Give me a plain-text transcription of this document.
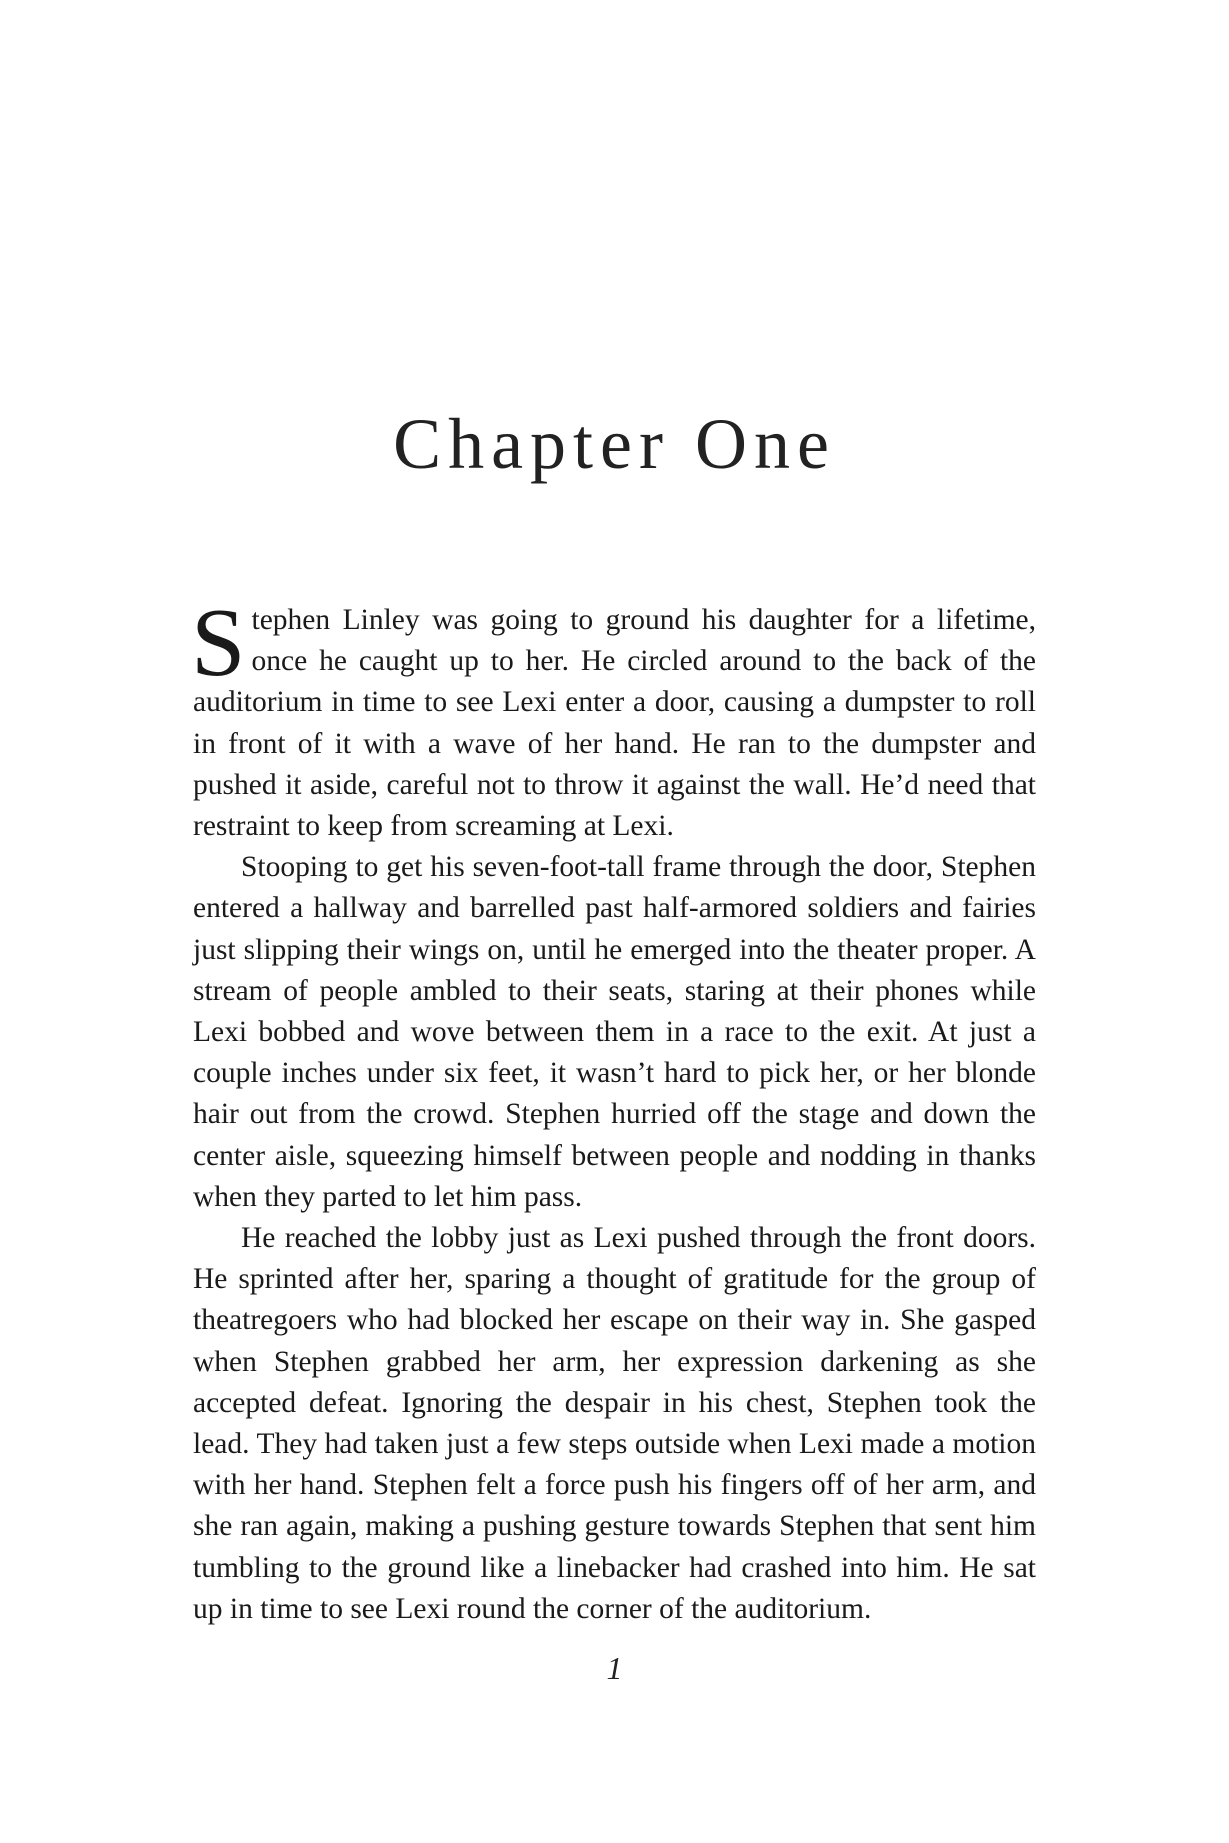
Chapter One

Stephen Linley was going to ground his daughter for a lifetime, once he caught up to her. He circled around to the back of the auditorium in time to see Lexi enter a door, causing a dumpster to roll in front of it with a wave of her hand. He ran to the dumpster and pushed it aside, careful not to throw it against the wall. He’d need that restraint to keep from screaming at Lexi.

Stooping to get his seven-foot-tall frame through the door, Stephen entered a hallway and barrelled past half-armored soldiers and fairies just slipping their wings on, until he emerged into the theater proper. A stream of people ambled to their seats, staring at their phones while Lexi bobbed and wove between them in a race to the exit. At just a couple inches under six feet, it wasn’t hard to pick her, or her blonde hair out from the crowd. Stephen hurried off the stage and down the center aisle, squeezing himself between people and nodding in thanks when they parted to let him pass.

He reached the lobby just as Lexi pushed through the front doors. He sprinted after her, sparing a thought of gratitude for the group of theatregoers who had blocked her escape on their way in. She gasped when Stephen grabbed her arm, her expression darkening as she accepted defeat. Ignoring the despair in his chest, Stephen took the lead. They had taken just a few steps outside when Lexi made a motion with her hand. Stephen felt a force push his fingers off of her arm, and she ran again, making a pushing gesture towards Stephen that sent him tumbling to the ground like a linebacker had crashed into him. He sat up in time to see Lexi round the corner of the auditorium.

1
